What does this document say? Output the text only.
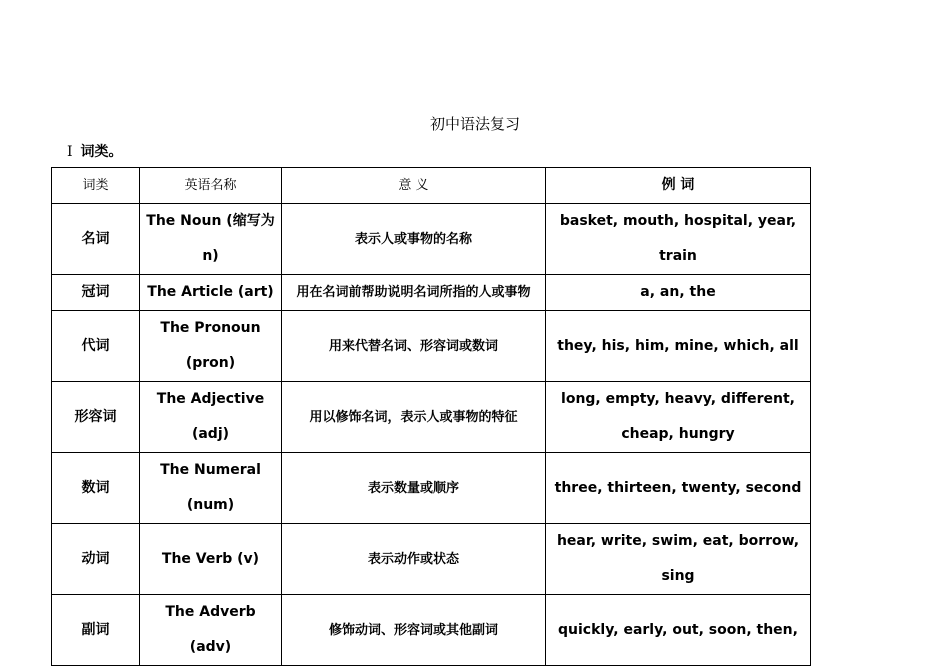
初中语法复习
I 词类。
词类	英语名称	意 义	例 词
名词	The Noun (缩写为n)	表示人或事物的名称	basket, mouth, hospital, year, train
冠词	The Article (art)	用在名词前帮助说明名词所指的人或事物	a, an, the
代词	The Pronoun (pron)	用来代替名词、形容词或数词	they, his, him, mine, which, all
形容词	The Adjective (adj)	用以修饰名词，表示人或事物的特征	long, empty, heavy, different, cheap, hungry
数词	The Numeral (num)	表示数量或顺序	three, thirteen, twenty, second
动词	The Verb (v)	表示动作或状态	hear, write, swim, eat, borrow, sing
副词	The Adverb (adv)	修饰动词、形容词或其他副词	quickly, early, out, soon, then,
